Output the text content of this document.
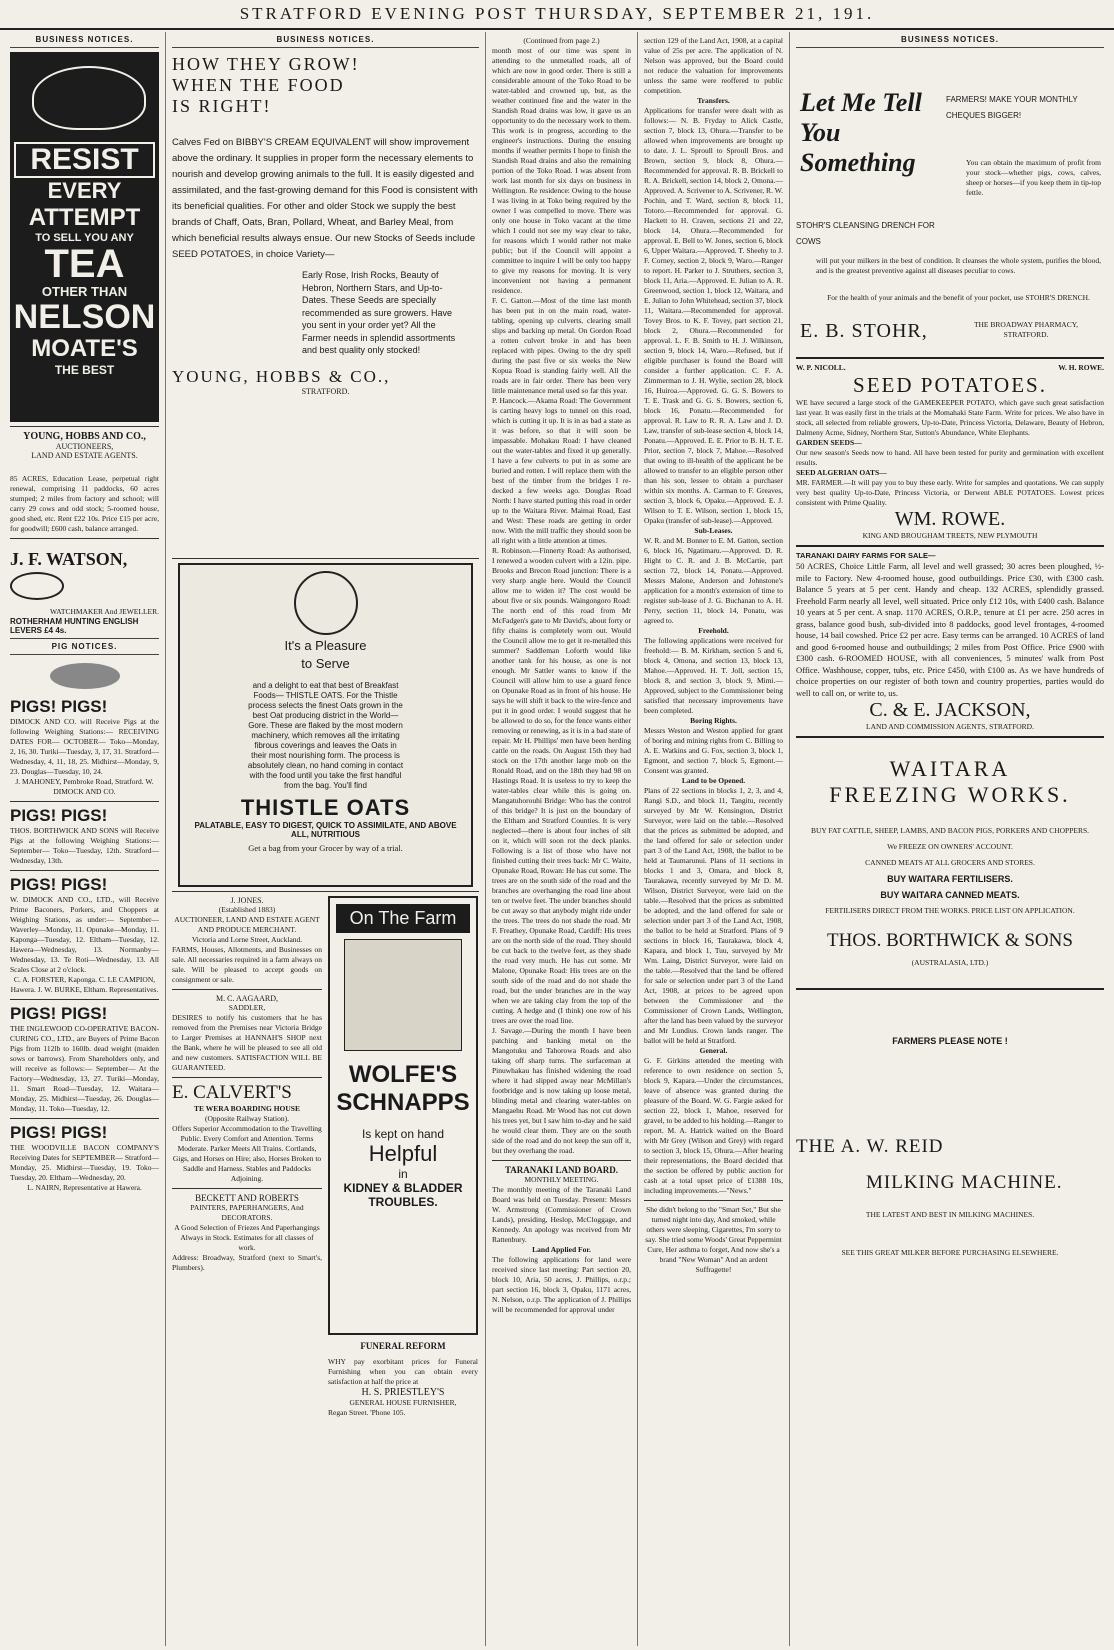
STRATFORD EVENING POST THURSDAY, SEPTEMBER 21, 191.
BUSINESS NOTICES.
RESIST
EVERY
ATTEMPT
TO SELL YOU ANY
TEA
OTHER THAN
NELSON
MOATE'S
THE BEST
YOUNG, HOBBS AND CO.,
AUCTIONEERS,
LAND AND ESTATE AGENTS.
85 ACRES, Education Lease, perpetual right renewal, comprising 11 paddocks, 60 acres stumped; 2 miles from factory and school; will carry 29 cows and odd stock; 5-roomed house, good shed, etc. Rent £22 10s. Price £15 per acre, for goodwill; £600 cash, balance arranged.
J. F. WATSON,
WATCHMAKER And JEWELLER.
ROTHERHAM HUNTING ENGLISH LEVERS £4 4s.
PIG NOTICES.
PIGS! PIGS!
DIMOCK AND CO. will Receive Pigs at the following Weighing Stations:— RECEIVING DATES FOR— OCTOBER— Toko—Monday, 2, 16, 30. Turiki—Tuesday, 3, 17, 31. Stratford—Wednesday, 4, 11, 18, 25. Midhirst—Monday, 9, 23. Douglas—Tuesday, 10, 24.
J. MAHONEY, Pembroke Road, Stratford. W. DIMOCK AND CO.
PIGS! PIGS!
THOS. BORTHWICK AND SONS will Receive Pigs at the following Weighing Stations:— September— Toko—Tuesday, 12th. Stratford—Wednesday, 13th.
PIGS! PIGS!
W. DIMOCK AND CO., LTD., will Receive Prime Baconers, Porkers, and Choppers at Weighing Stations, as under:— September— Waverley—Monday, 11. Opunake—Monday, 11. Kaponga—Tuesday, 12. Eltham—Tuesday, 12. Hawera—Wednesday, 13. Normanby—Wednesday, 13. Te Roti—Wednesday, 13. All Scales Close at 2 o'clock.
C. A. FORSTER, Kaponga. C. LE CAMPION, Hawera. J. W. BURKE, Eltham. Representatives.
PIGS! PIGS!
THE INGLEWOOD CO-OPERATIVE BACON-CURING CO., LTD., are Buyers of Prime Bacon Pigs from 112lb to 160lb. dead weight (maiden sows or barrows). From Shareholders only, and will receive as follows:— September— At the Factory—Wednesday, 13, 27. Turiki—Monday, 11. Smart Road—Tuesday, 12. Waitara—Monday, 25. Midhirst—Tuesday, 26. Douglas—Monday, 11. Toko—Tuesday, 12.
PIGS! PIGS!
THE WOODVILLE BACON COMPANY'S Receiving Dates for SEPTEMBER— Stratford—Monday, 25. Midhirst—Tuesday, 19. Toko—Tuesday, 20. Eltham—Wednesday, 20.
L. NAIRN, Representative at Hawera.
BUSINESS NOTICES.
HOW THEY GROW!
WHEN THE FOOD
IS RIGHT!
Calves Fed on BIBBY'S CREAM EQUIVALENT will show improvement above the ordinary. It supplies in proper form the necessary elements to nourish and develop growing animals to the full. It is easily digested and assimilated, and the fast-growing demand for this Food is consistent with its beneficial qualities. For other and older Stock we supply the best brands of Chaff, Oats, Bran, Pollard, Wheat, and Barley Meal, from which beneficial results always ensue. Our new Stocks of Seeds include SEED POTATOES, in choice Variety—
Early Rose, Irish Rocks, Beauty of Hebron, Northern Stars, and Up-to-Dates. These Seeds are specially recommended as sure growers. Have you sent in your order yet? All the Farmer needs in splendid assortments and best quality only stocked!
YOUNG, HOBBS & CO.,
STRATFORD.
It's a Pleasure to Serve
and a delight to eat that best of Breakfast Foods— THISTLE OATS. For the Thistle process selects the finest Oats grown in the best Oat producing district in the World—Gore. These are flaked by the most modern machinery, which removes all the irritating fibrous coverings and leaves the Oats in their most nourishing form. The process is absolutely clean, no hand coming in contact with the food until you take the first handful from the bag. You'll find
THISTLE OATS
PALATABLE, EASY TO DIGEST, QUICK TO ASSIMILATE, AND ABOVE ALL, NUTRITIOUS
Get a bag from your Grocer by way of a trial.
J. JONES.
(Established 1883)
AUCTIONEER, LAND AND ESTATE AGENT AND PRODUCE MERCHANT.
Victoria and Lorne Street, Auckland.
FARMS, Houses, Allotments, and Businesses on sale. All necessaries required in a farm always on sale. Will be pleased to accept goods on consignment or sale.
M. C. AAGAARD,
SADDLER,
DESIRES to notify his customers that he has removed from the Premises near Victoria Bridge to Larger Premises at HANNAH'S SHOP next the Bank, where he will be pleased to see all old and new customers. SATISFACTION WILL BE GUARANTEED.
E. CALVERT'S
TE WERA BOARDING HOUSE
(Opposite Railway Station).
Offers Superior Accommodation to the Travelling Public. Every Comfort and Attention. Terms Moderate. Parker Meets All Trains. Cortlands, Gigs, and Horses on Hire; also, Horses Broken to Saddle and Harness. Stables and Paddocks Adjoining.
BECKETT AND ROBERTS
PAINTERS, PAPERHANGERS, And DECORATORS.
A Good Selection of Friezes And Paperhangings Always in Stock. Estimates for all classes of work.
Address: Broadway, Stratford (next to Smart's, Plumbers).
On The Farm
WOLFE'S SCHNAPPS
Is kept on hand
Helpful
in
KIDNEY & BLADDER TROUBLES.
FUNERAL REFORM
WHY pay exorbitant prices for Funeral Furnishing when you can obtain every satisfaction at half the price at
H. S. PRIESTLEY'S
GENERAL HOUSE FURNISHER,
Regan Street. 'Phone 105.
(Continued from page 2.)
month most of our time was spent in attending to the unmetalled roads, all of which are now in good order. There is still a considerable amount of the Toko Road to be water-tabled and crowned up, but, as the weather continued fine and the water in the Standish Road drains was low, it gave us an opportunity to do the necessary work to them. This work is in progress, according to the engineer's instructions. During the ensuing months if weather permits I hope to finish the Standish Road drains and also the remaining portion of the Toko Road. I was absent from work last month for six days on business in Wellington. Re residence: Owing to the house I was living in at Toko being required by the owner I was compelled to move. There was only one house in Toko vacant at the time which I could not see my way clear to take, for reasons which I would rather not make public; but if the Council will appoint a committee to inquire I will be only too happy to give my reasons for moving. It is very inconvenient not having a permanent residence.
F. C. Gatton.—Most of the time last month has been put in on the main road, water-tabling, opening up culverts, clearing small slips and backing up metal. On Gordon Road a rotten culvert broke in and has been replaced with pipes. Owing to the dry spell during the past five or six weeks the New Kopua Road is standing fairly well. All the roads are in fair order. There has been very little maintenance metal used so far this year.
P. Hancock.—Akama Road: The Government is carting heavy logs to tunnel on this road, which is cutting it up. It is in as bad a state as it was before, so that it will soon be impassable. Mohakau Road: I have cleaned out the water-tables and fixed it up generally. I have a few culverts to put in as some are buried and rotten. I will replace them with the best of the timber from the bridges I re-decked a few weeks ago. Douglas Road North: I have started putting this road in order up to the Waitara River. Maimai Road, East and West: These roads are getting in order now. With the mill traffic they should soon be all right with a little attention at times.
R. Robinson.—Finnerty Road: As authorised, I renewed a wooden culvert with a 12in. pipe. Brooks and Brecon Road junction: There is a very sharp angle here. Would the Council allow me to widen it? The cost would be about five or six pounds. Waingongoro Road: The north end of this road from Mr McFadgen's gate to Mr David's, about forty or fifty chains is completely worn out. Would the Council allow me to get it re-metalled this summer? Saddleman Loforth would like another tank for his house, as one is not enough. Mr Sattler wants to know if the Council will allow him to use a guard fence on Opunake Road as in front of his house. He says he will shift it back to the wire-fence and put it in good order. I would suggest that he be allowed to do so, for the fence wants either removing or renewing, as it is in a bad state of repair. Mr H. Phillips' men have been herding cattle on the roads. On August 15th they had stock on the 17th another large mob on the Ronald Road, and on the 18th they had 98 on Hastings Road. It is useless to try to keep the water-tables clear while this is going on. Mangatuhorouhi Bridge: Who has the control of this bridge? It is just on the boundary of the Eltham and Stratford Counties. It is very neglected—there is about four inches of silt on it, which will soon rot the deck planks. Following is a list of those who have not finished cutting their trees back: Mr C. Waite, Opunake Road, Rowan: He has cut some. The trees are on the south side of the road and the branches are overhanging the road line about ten or twelve feet. The under branches should be cut away so that anybody might ride under the trees. The trees do not shade the road. Mr F. Freathey, Opunake Road, Cardiff: His trees are on the north side of the road. They should be cut back to the twelve feet, as they shade the road very much. He has cut some. Mr Malone, Opunake Road: His trees are on the south side of the road and do not shade the road, but the under branches are in the way when we are taking clay from the top of the cutting. A hedge and (I think) one row of his trees are over the road line.
J. Savage.—During the month I have been patching and banking metal on the Mangotuku and Tahorowa Roads and also taking off sharp turns. The surfaceman at Pinuwhakau has finished widening the road where it had slipped away near McMillan's footbridge and is now taking up loose metal, blinding metal and clearing water-tables on Mangaehu Road. Mr Wood has not cut down his trees yet, but I saw him to-day and he said he would clear them. They are on the south side of the road and do not keep the sun off it, but they overhang the road.
TARANAKI LAND BOARD.
MONTHLY MEETING.
The monthly meeting of the Taranaki Land Board was held on Tuesday. Present: Messrs W. Armstrong (Commissioner of Crown Lands), presiding, Heslop, McCloggage, and Kennedy. An apology was received from Mr Rattenbury.
Land Applied For.
The following applications for land were received since last meeting: Part section 20, block 10, Aria, 50 acres, J. Phillips, o.r.p.; part section 16, block 3, Opaku, 1171 acres, N. Nelson, o.r.p. The application of J. Phillips will be recommended for approval under
section 129 of the Land Act, 1908, at a capital value of 25s per acre. The application of N. Nelson was approved, but the Board could not reduce the valuation for improvements unless the same were reoffered to public competition.
Transfers.
Applications for transfer were dealt with as follows:— N. B. Fryday to Alick Castle, section 7, block 13, Ohura.—Transfer to be allowed when improvements are brought up to date. J. L. Sproull to Sproull Bros. and Brown, section 9, block 8, Ohura.—Recommended for approval. R. B. Brickell to R. A. Brickell, section 14, block 2, Omona.—Approved. A. Scrivener to A. Scrivener, R. W. Pochin, and T. Ward, section 8, block 11, Totoro.—Recommended for approval. G. Hackett to H. Craven, sections 21 and 22, block 14, Ohura.—Recommended for approval. E. Bell to W. Jones, section 6, block 6, Upper Waitara.—Approved. T. Sheehy to J. F. Corney, section 2, block 9, Waro.—Ranger to report. H. Parker to J. Struthers, section 3, block 11, Aria.—Approved. E. Julian to A. R. Greenwood, section 1, block 12, Waitara, and E. Julian to John Whitehead, section 37, block 11, Waitara.—Recommended for approval. Tovey Bros. to K. F. Tovey, part section 21, block 2, Ohura.—Recommended for approval. L. F. B. Smith to H. J. Wilkinson, section 9, block 14, Waro.—Refused, but if eligible purchaser is found the Board will consider a further application. C. F. A. Zimmerman to J. H. Wylie, section 28, block 16, Huiroa.—Approved. G. G. S. Bowers to T. E. Trask and G. G. S. Bowers, section 6, block 16, Ponatu.—Recommended for approval. R. Law to R. R. A. Law and J. D. Law, transfer of sub-lease section 4, block 14, Ponatu.—Approved. E. E. Prior to B. H. T. E. Prior, section 7, block 7, Mahoe.—Resolved that owing to ill-health of the applicant he be allowed to transfer to an eligible person other than his son, lessee to obtain a purchaser within six months. A. Carman to F. Greaves, section 3, block 6, Opaku.—Approved. E. J. Wilson to T. E. Wilson, section 1, block 15, Opaku (transfer of sub-lease).—Approved.
Sub-Leases.
W. R. and M. Bonner to E. M. Gatton, section 6, block 16, Ngatimaru.—Approved. D. R. Hight to C. R. and J. B. McCartie, part section 72, block 14, Ponatu.—Approved. Messrs Malone, Anderson and Johnstone's application for a month's extension of time to register sub-lease of J. G. Buchanan to A. H. Perry, section 11, block 14, Ponatu, was agreed to.
Freehold.
The following applications were received for freehold:— B. M. Kirkham, section 5 and 6, block 4, Omona, and section 13, block 13, Mahoe.—Approved. H. T. Joll, section 15, block 8, and section 3, block 9, Mimi.—Approved, subject to the Commissioner being satisfied that necessary improvements have been completed.
Boring Rights.
Messrs Weston and Weston applied for grant of boring and mining rights from C. Billing to A. E. Watkins and G. Fox, section 3, block 1, Egmont, and section 7, block 5, Egmont.—Consent was granted.
Land to be Opened.
Plans of 22 sections in blocks 1, 2, 3, and 4, Rangi S.D., and block 11, Tangitu, recently surveyed by Mr W. Kensington, District Surveyor, were laid on the table.—Resolved that the prices as submitted be adopted, and the land offered for sale or selection under part 3 of the Land Act, 1908, the ballot to be held at Taumarunui. Plans of 11 sections in blocks 1 and 3, Omara, and block 8, Taurakawa, recently surveyed by Mr D. M. Wilson, District Surveyor, were laid on the table.—Resolved that the prices as submitted be adopted, and the land offered for sale or selection under part 3 of the Land Act, 1908, the ballot to be held at Stratford. Plans of 9 sections in block 16, Taurakawa, block 4, Kapara, and block 1, Tuu, surveyed by Mr Wm. Laing, District Surveyor, were laid on the table.—Resolved that the land be offered for sale or selection under part 3 of the Land Act, 1908, at prices to be agreed upon between the Commissioner and the Commissioner of Crown Lands, Wellington, after the land has been valued by the surveyor and Mr Lundius. Crown lands ranger. The ballot will be held at Stratford.
General.
G. F. Girkins attended the meeting with reference to own residence on section 5, block 9, Kapara.—Under the circumstances, leave of absence was granted during the pleasure of the Board. W. G. Fargie asked for section 22, block 1, Mahoe, reserved for gravel, to be added to his holding.—Ranger to report. M. A. Hatrick waited on the Board with Mr Grey (Wilson and Grey) with regard to section 3, block 15, Ohura.—After hearing their representations, the Board decided that the section be offered by public auction for cash at a total upset price of £1388 10s, including improvements.—"News."
She didn't belong to the "Smart Set," But she turned night into day, And smoked, while others were sleeping, Cigarettes, I'm sorry to say. She tried some Woods' Great Peppermint Cure, Her asthma to forget, And now she's a brand "New Woman" And an ardent Suffragette!
BUSINESS NOTICES.
Let Me Tell You Something
FARMERS! MAKE YOUR MONTHLY CHEQUES BIGGER!
You can obtain the maximum of profit from your stock—whether pigs, cows, calves, sheep or horses—if you keep them in tip-top fettle.
STOHR'S CLEANSING DRENCH FOR COWS
will put your milkers in the best of condition. It cleanses the whole system, purifies the blood, and is the greatest preventive against all diseases peculiar to cows.
For the health of your animals and the benefit of your pocket, use STOHR'S DRENCH.
E. B. STOHR,	THE BROADWAY PHARMACY, STRATFORD.
W. P. NICOLL.	W. H. ROWE.
SEED POTATOES.
WE have secured a large stock of the GAMEKEEPER POTATO, which gave such great satisfaction last year. It was easily first in the trials at the Momahaki State Farm. Write for prices. We also have in stock, all selected from reliable growers, Up-to-Date, Princess Victoria, Delaware, Beauty of Hebron, Dalmeny Acme, Sidney, Northern Star, Sutton's Abundance, White Elephants.
GARDEN SEEDS—
Our new season's Seeds now to hand. All have been tested for purity and germination with excellent results.
SEED ALGERIAN OATS—
MR. FARMER.—It will pay you to buy these early. Write for samples and quotations. We can supply very best quality Up-to-Date, Princess Victoria, or Derwent ABLE POTATOES. Lowest prices consistent with Prime Quality.
WM. ROWE.
KING AND BROUGHAM TREETS, NEW PLYMOUTH
TARANAKI DAIRY FARMS FOR SALE—
50 ACRES, Choice Little Farm, all level and well grassed; 30 acres been ploughed, ½-mile to Factory. New 4-roomed house, good outbuildings. Price £30, with £300 cash. Balance 5 years at 5 per cent. Handy and cheap. 132 ACRES, splendidly grassed. Freehold Farm nearly all level, well situated. Price only £12 10s, with £400 cash. Balance 10 years at 5 per cent. A snap. 1170 ACRES, O.R.P., tenure at £1 per acre. 250 acres in grass, balance good bush, sub-divided into 8 paddocks, good level frontages, 4-roomed house, 14 bail cowshed. Price £2 per acre. Easy terms can be arranged. 10 ACRES of land and good 6-roomed house and outbuildings; 2 miles from Post Office. Price £900 with £300 cash. 6-ROOMED HOUSE, with all conveniences, 5 minutes' walk from Post Office. Washhouse, copper, tubs, etc. Price £450, with £100 as. As we have hundreds of choice properties on our register of both town and country properties, parties would do well to call on, or write to, us.
C. & E. JACKSON,
LAND AND COMMISSION AGENTS, STRATFORD.
WAITARA
FREEZING WORKS.
BUY FAT CATTLE, SHEEP, LAMBS, AND BACON PIGS, PORKERS AND CHOPPERS.
We FREEZE ON OWNERS' ACCOUNT.
CANNED MEATS AT ALL GROCERS AND STORES.
BUY WAITARA FERTILISERS.
BUY WAITARA CANNED MEATS.
FERTILISERS DIRECT FROM THE WORKS. PRICE LIST ON APPLICATION.
THOS. BORTHWICK & SONS
(AUSTRALASIA, LTD.)
FARMERS PLEASE NOTE !
THE A. W. REID
MILKING MACHINE.
THE LATEST AND BEST IN MILKING MACHINES.
SEE THIS GREAT MILKER BEFORE PURCHASING ELSEWHERE.
